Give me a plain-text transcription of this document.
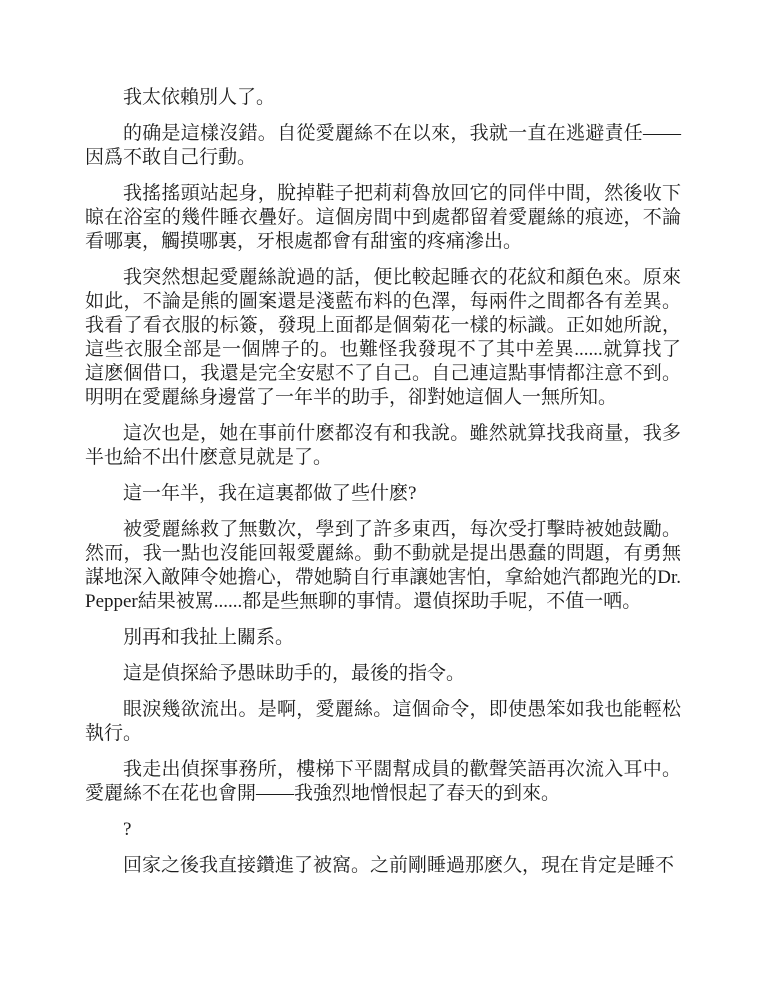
我太依賴別人了。

的确是這樣沒錯。自從愛麗絲不在以來，我就一直在逃避責任——因爲不敢自己行動。

我搖搖頭站起身，脫掉鞋子把莉莉魯放回它的同伴中間，然後收下晾在浴室的幾件睡衣疊好。這個房間中到處都留着愛麗絲的痕迹，不論看哪裏，觸摸哪裏，牙根處都會有甜蜜的疼痛滲出。

我突然想起愛麗絲說過的話，便比較起睡衣的花紋和顏色來。原來如此，不論是熊的圖案還是淺藍布料的色澤，每兩件之間都各有差異。我看了看衣服的标簽，發現上面都是個菊花一樣的标識。正如她所說，這些衣服全部是一個牌子的。也難怪我發現不了其中差異......就算找了這麽個借口，我還是完全安慰不了自己。自己連這點事情都注意不到。明明在愛麗絲身邊當了一年半的助手，卻對她這個人一無所知。

這次也是，她在事前什麽都沒有和我說。雖然就算找我商量，我多半也給不出什麽意見就是了。

這一年半，我在這裏都做了些什麽?

被愛麗絲救了無數次，學到了許多東西，每次受打擊時被她鼓勵。然而，我一點也沒能回報愛麗絲。動不動就是提出愚蠢的問題，有勇無謀地深入敵陣令她擔心，帶她騎自行車讓她害怕，拿給她汽都跑光的Dr.Pepper結果被罵......都是些無聊的事情。還偵探助手呢，不值一哂。

別再和我扯上關系。

這是偵探給予愚昧助手的，最後的指令。

眼淚幾欲流出。是啊，愛麗絲。這個命令，即使愚笨如我也能輕松執行。

我走出偵探事務所，樓梯下平闊幫成員的歡聲笑語再次流入耳中。愛麗絲不在花也會開——我強烈地憎恨起了春天的到來。

?

回家之後我直接鑽進了被窩。之前剛睡過那麽久，現在肯定是睡不
